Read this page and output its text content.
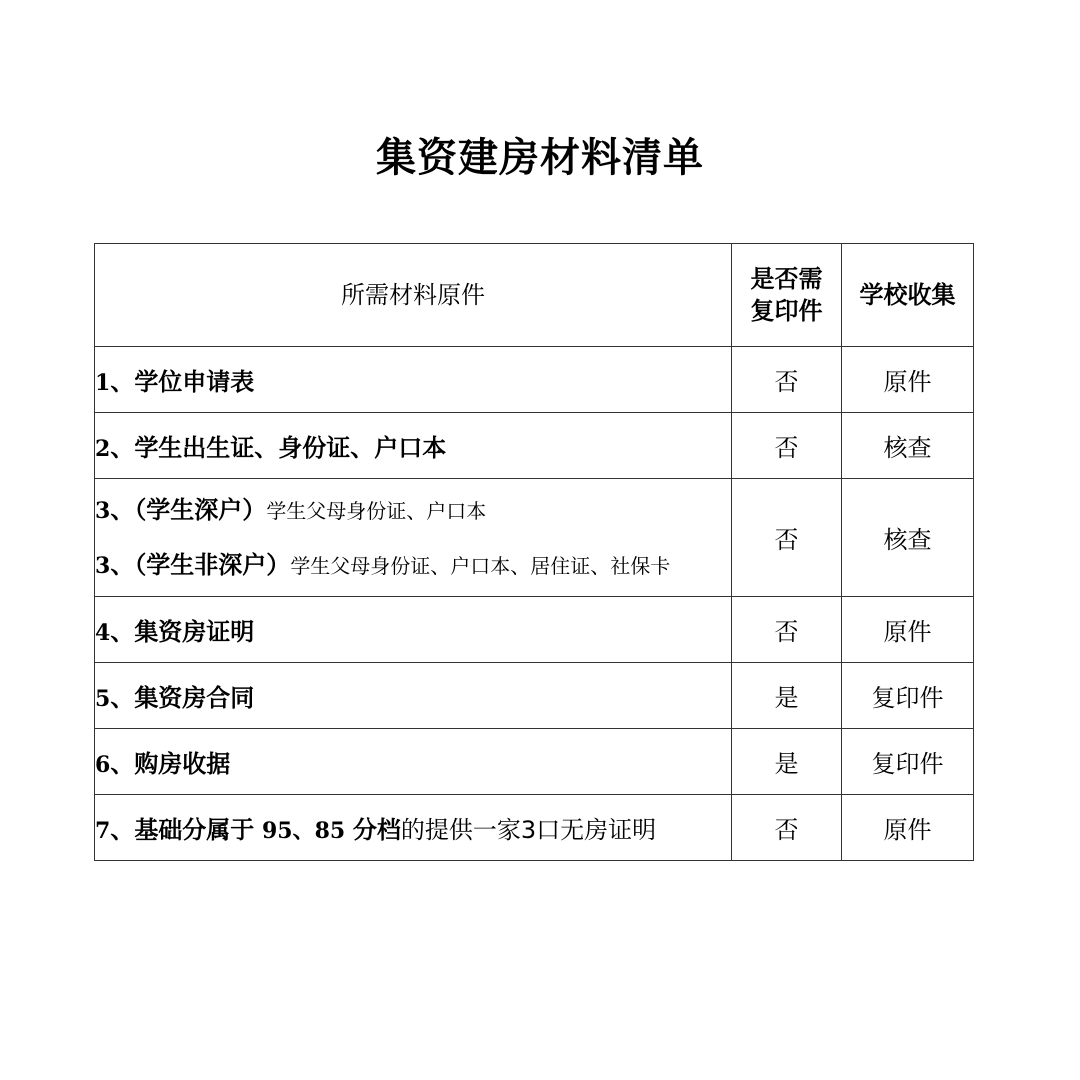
集资建房材料清单
所需材料原件	是否需复印件	学校收集
1、学位申请表	否	原件
2、学生出生证、身份证、户口本	否	核查

3、（学生深户）学生父母身份证、户口本
3、（学生非深户）学生父母身份证、户口本、居住证、社保卡	否	核查
4、集资房证明	否	原件
5、集资房合同	是	复印件
6、购房收据	是	复印件
7、基础分属于 95、85 分档的提供一家3口无房证明	否	原件
